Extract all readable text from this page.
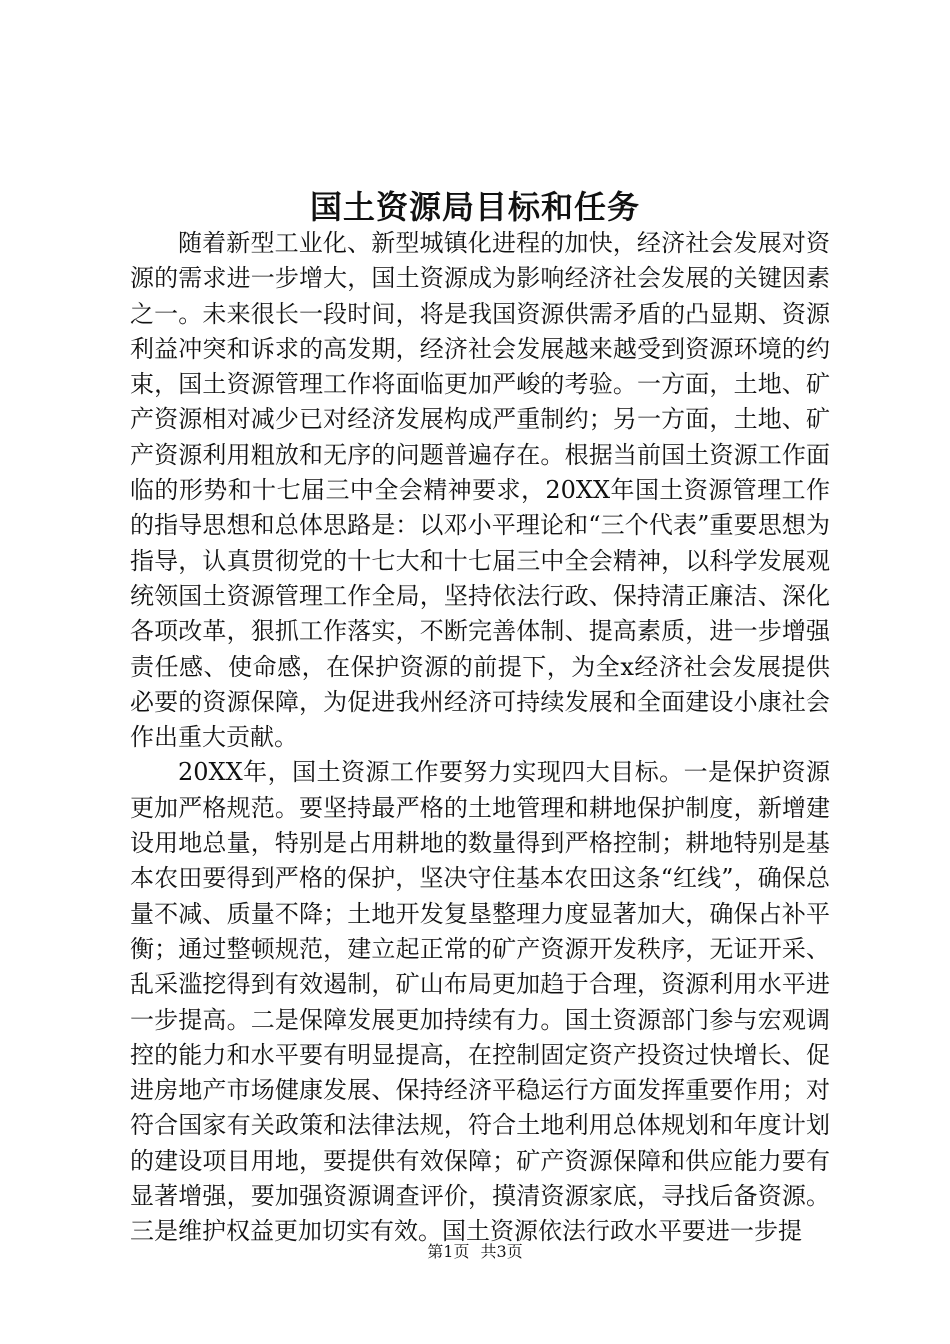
国土资源局目标和任务

随着新型工业化、新型城镇化进程的加快，经济社会发展对资源的需求进一步增大，国土资源成为影响经济社会发展的关键因素之一。未来很长一段时间，将是我国资源供需矛盾的凸显期、资源利益冲突和诉求的高发期，经济社会发展越来越受到资源环境的约束，国土资源管理工作将面临更加严峻的考验。一方面，土地、矿产资源相对减少已对经济发展构成严重制约；另一方面，土地、矿产资源利用粗放和无序的问题普遍存在。根据当前国土资源工作面临的形势和十七届三中全会精神要求，20XX年国土资源管理工作的指导思想和总体思路是：以邓小平理论和“三个代表”重要思想为指导，认真贯彻党的十七大和十七届三中全会精神，以科学发展观统领国土资源管理工作全局，坚持依法行政、保持清正廉洁、深化各项改革，狠抓工作落实，不断完善体制、提高素质，进一步增强责任感、使命感，在保护资源的前提下，为全x经济社会发展提供必要的资源保障，为促进我州经济可持续发展和全面建设小康社会作出重大贡献。

20XX年，国土资源工作要努力实现四大目标。一是保护资源更加严格规范。要坚持最严格的土地管理和耕地保护制度，新增建设用地总量，特别是占用耕地的数量得到严格控制；耕地特别是基本农田要得到严格的保护，坚决守住基本农田这条“红线”，确保总量不减、质量不降；土地开发复垦整理力度显著加大，确保占补平衡；通过整顿规范，建立起正常的矿产资源开发秩序，无证开采、乱采滥挖得到有效遏制，矿山布局更加趋于合理，资源利用水平进一步提高。二是保障发展更加持续有力。国土资源部门参与宏观调控的能力和水平要有明显提高，在控制固定资产投资过快增长、促进房地产市场健康发展、保持经济平稳运行方面发挥重要作用；对符合国家有关政策和法律法规，符合土地利用总体规划和年度计划的建设项目用地，要提供有效保障；矿产资源保障和供应能力要有显著增强，要加强资源调查评价，摸清资源家底，寻找后备资源。三是维护权益更加切实有效。国土资源依法行政水平要进一步提

第1页 共3页
